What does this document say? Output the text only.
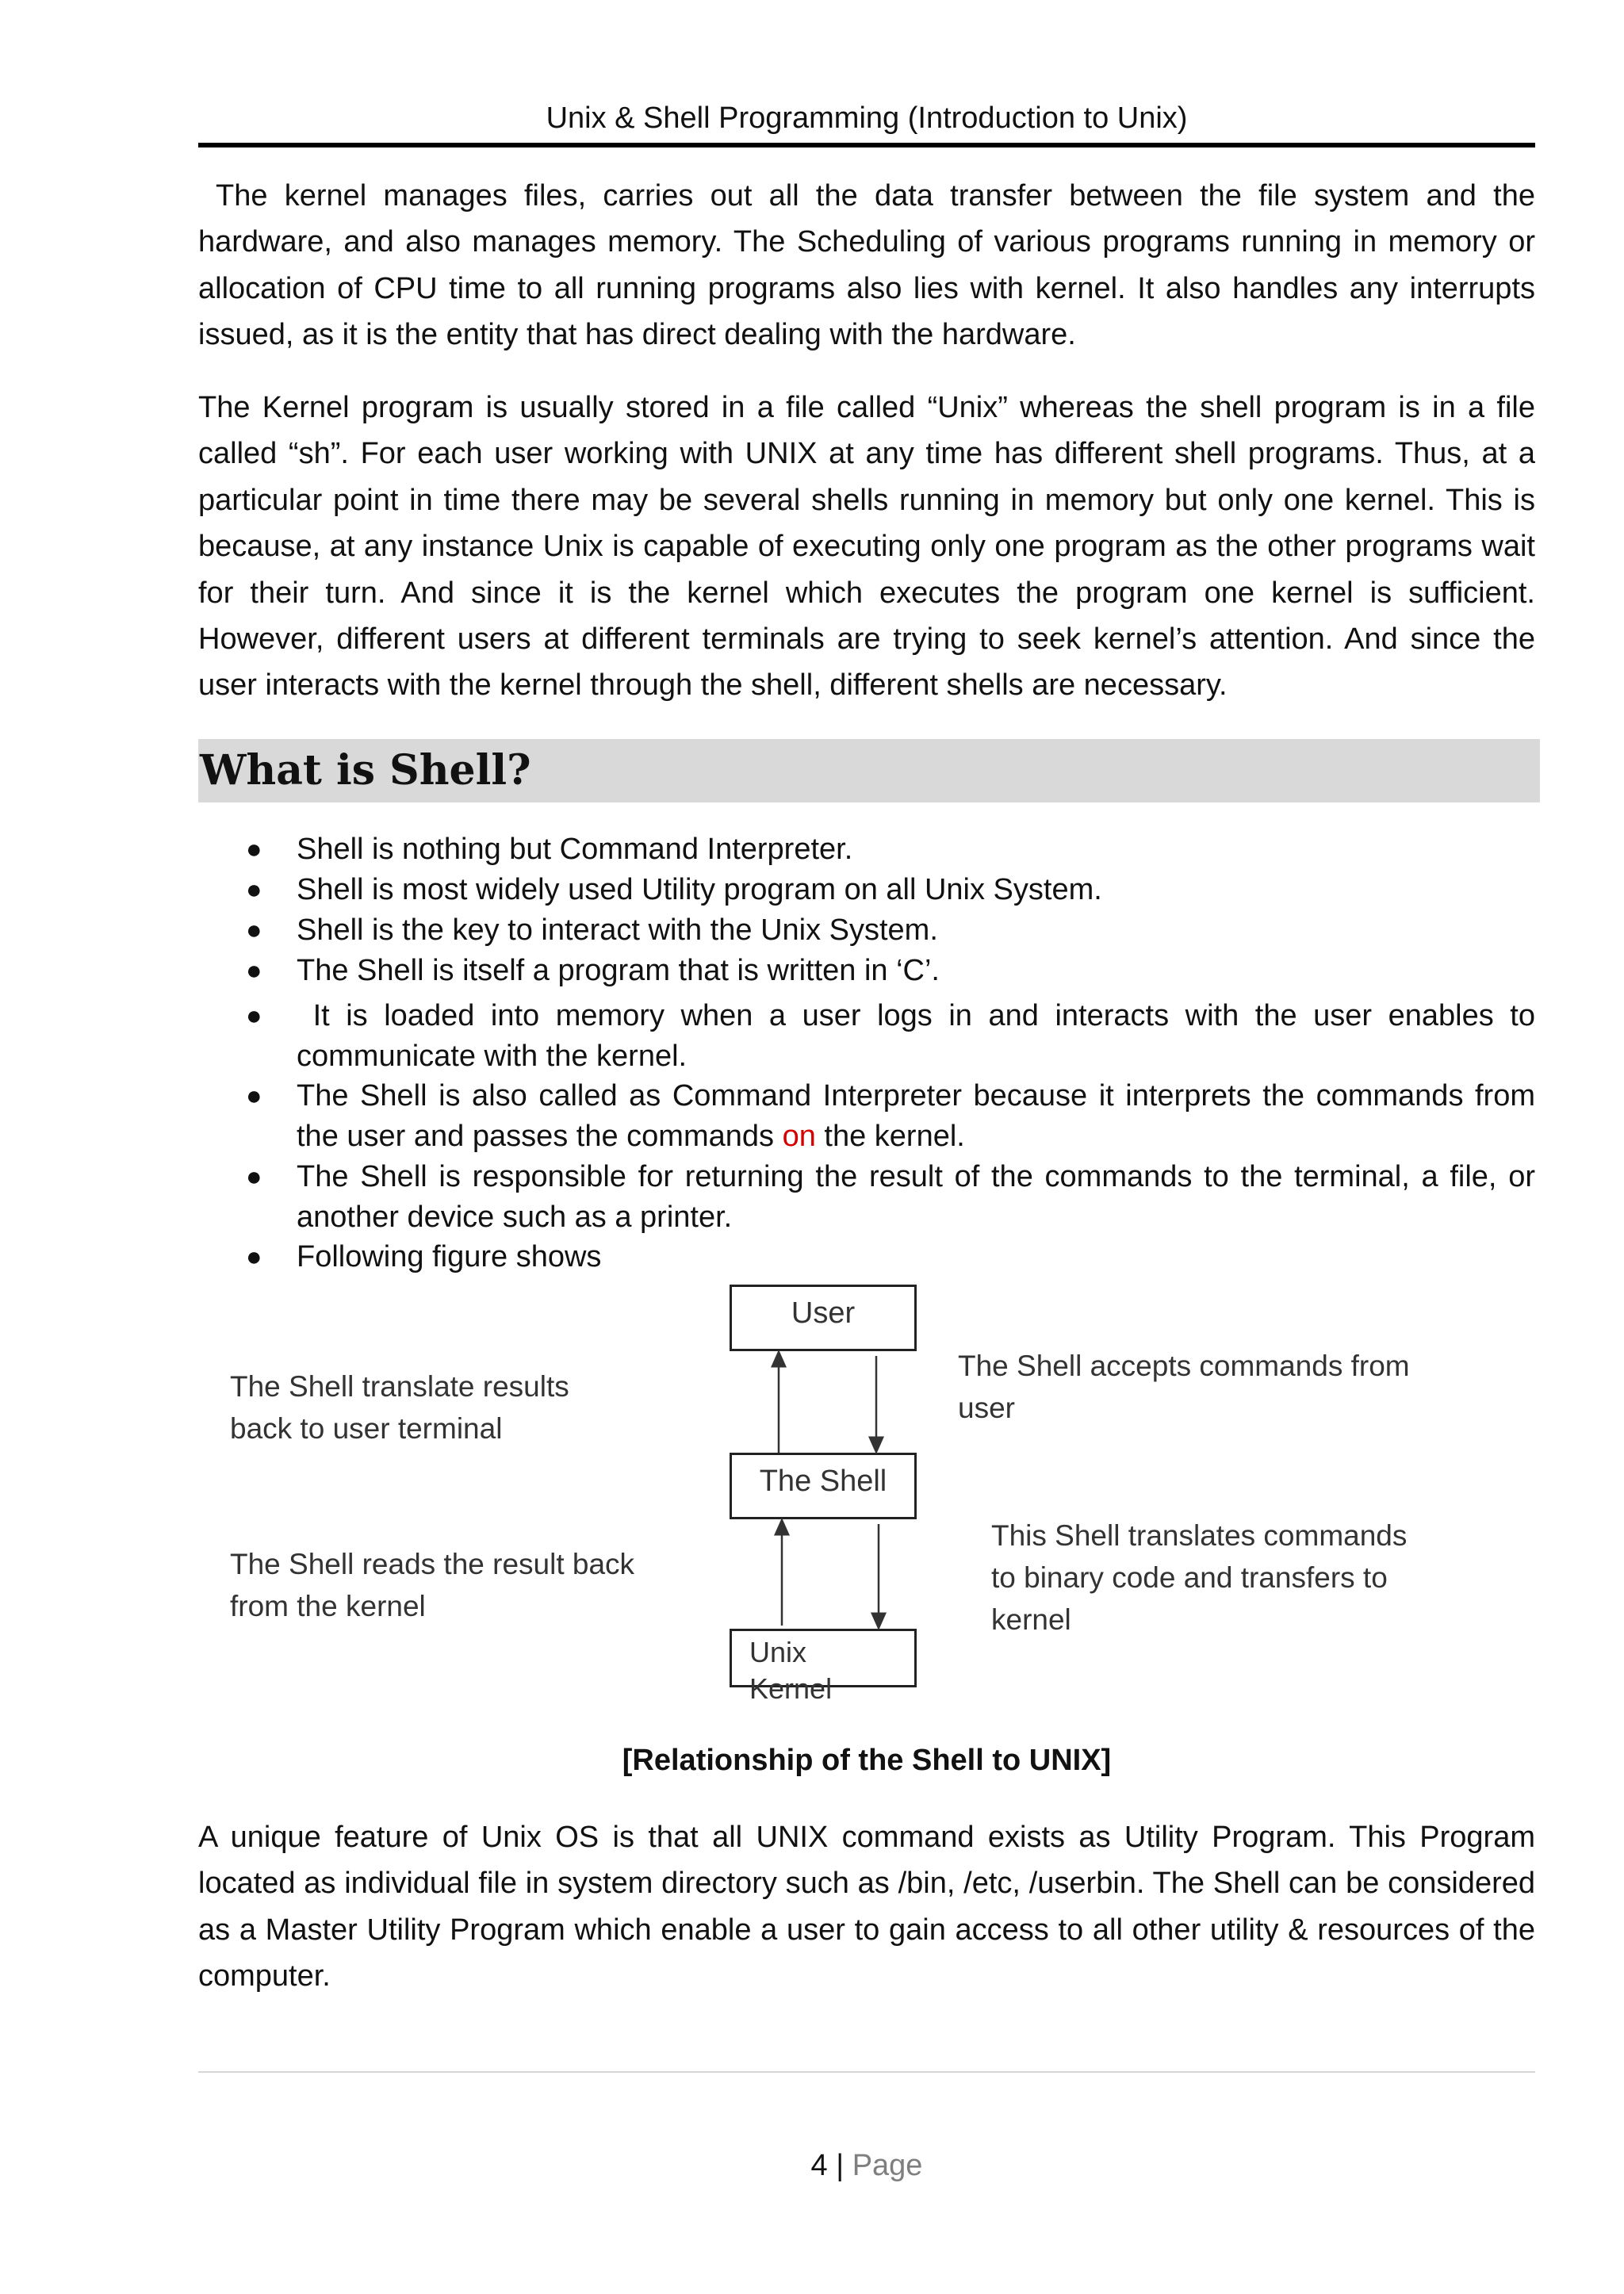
Unix & Shell Programming (Introduction to Unix)

The kernel manages files, carries out all the data transfer between the file system and the hardware, and also manages memory. The Scheduling of various programs running in memory or allocation of CPU time to all running programs also lies with kernel. It also handles any interrupts issued, as it is the entity that has direct dealing with the hardware.

The Kernel program is usually stored in a file called “Unix” whereas the shell program is in a file called “sh”. For each user working with UNIX at any time has different shell programs. Thus, at a particular point in time there may be several shells running in memory but only one kernel. This is because, at any instance Unix is capable of executing only one program as the other programs wait for their turn. And since it is the kernel which executes the program one kernel is sufficient. However, different users at different terminals are trying to seek kernel’s attention. And since the user interacts with the kernel through the shell, different shells are necessary.

What is Shell?
●	Shell is nothing but Command Interpreter.

●	Shell is most widely used Utility program on all Unix System.

●	Shell is the key to interact with the Unix System.

●	The Shell is itself a program that is written in ‘C’.

●	It is loaded into memory when a user logs in and interacts with the user enables to communicate with the kernel.

●	The Shell is also called as Command Interpreter because it interprets the commands from the user and passes the commands on the kernel.

●	The Shell is responsible for returning the result of the commands to the terminal, a file, or another device such as a printer.

●	Following figure shows

User
The Shell
Unix
Kernel
The Shell translate results
back to user terminal
The Shell reads the result back
from the kernel
The Shell accepts commands from
user
This Shell translates commands
to binary code and transfers to
kernel
[Relationship of the Shell to UNIX]

A unique feature of Unix OS is that all UNIX command exists as Utility Program. This Program located as individual file in system directory such as /bin, /etc, /userbin. The Shell can be considered as a Master Utility Program which enable a user to gain access to all other utility & resources of the computer.

4 | Page
